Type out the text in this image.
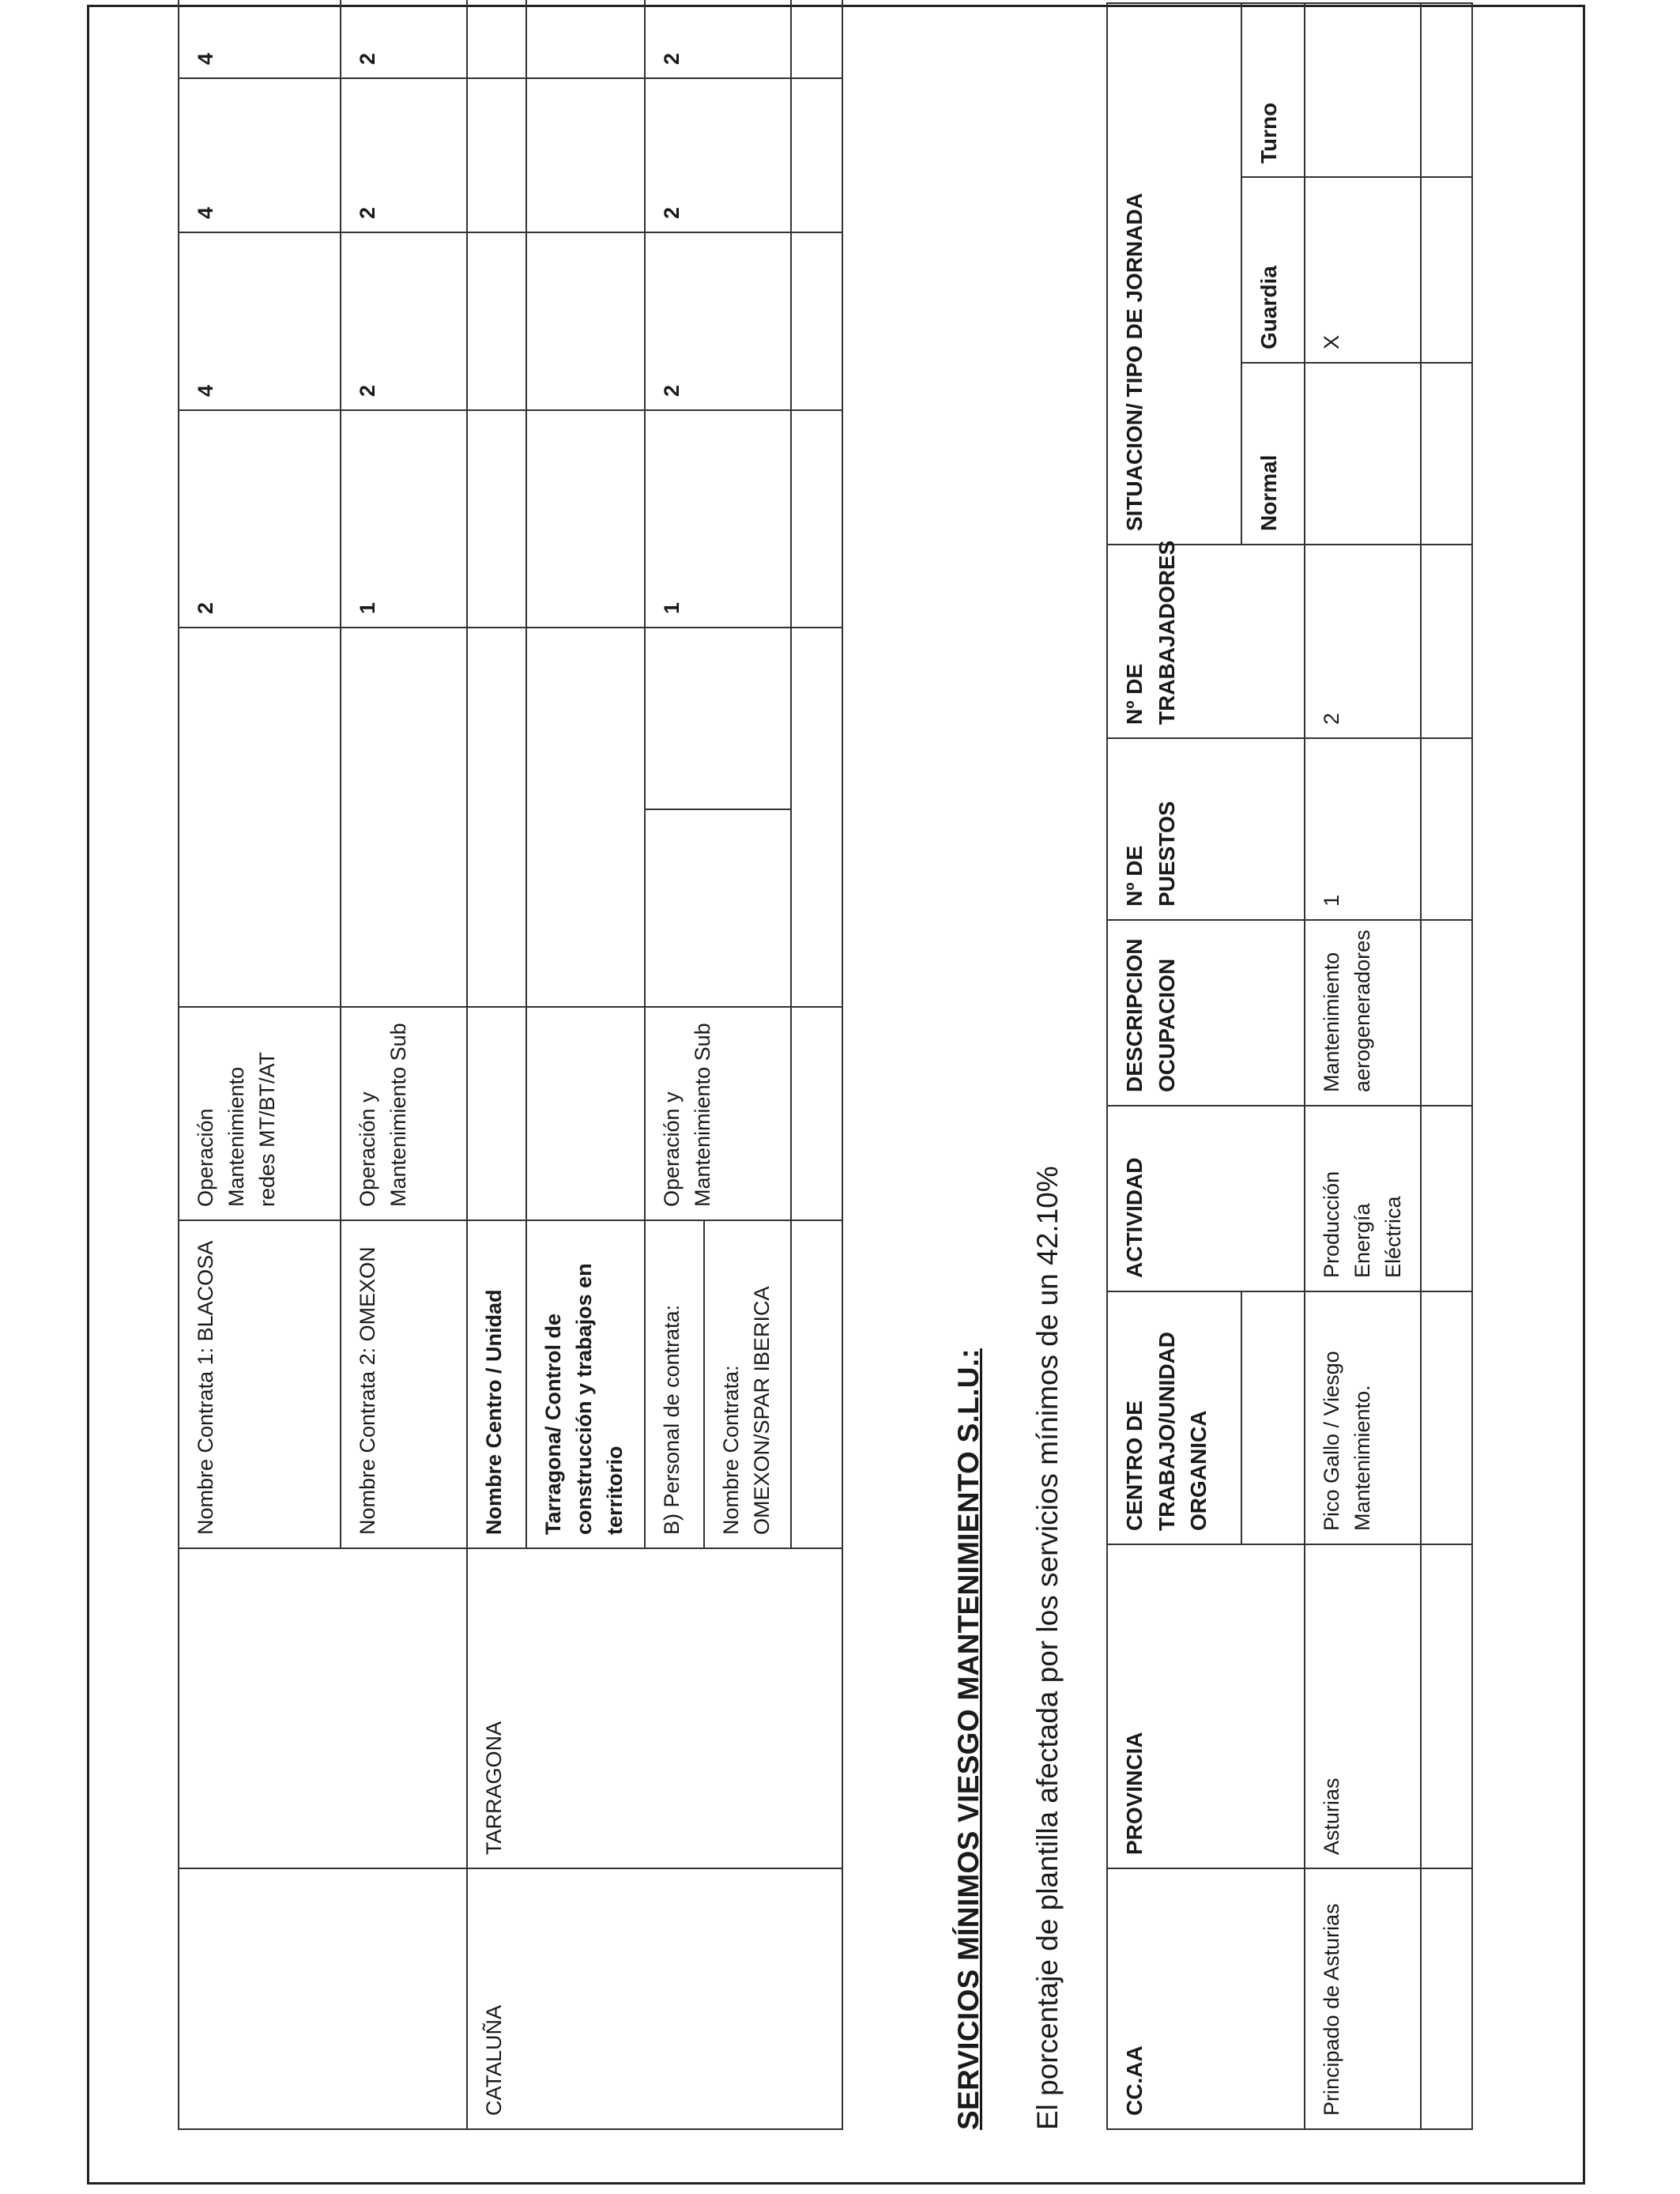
		Nombre Contrata 1: BLACOSA	Operación Mantenimiento redes MT/BT/AT			2	4	4	4
		Nombre Contrata 2: OMEXON	Operación y Mantenimiento Sub			1	2	2	2
CATALUÑA	TARRAGONA	Nombre Centro / Unidad							
		Tarragona/ Control de construcción y trabajos en territorio							
		B) Personal de contrata:	Operación y Mantenimiento Sub			1	2	2	2
		Nombre Contrata: OMEXON/SPAR IBERICA							
							SERVICIOS MÍNIMOS VIESGO MANTENIMIENTO S.L.U.: El porcentaje de plantilla afectada por los servicios mínimos de un 42.10%	CC.AA	PROVINCIA	CENTRO DE TRABAJO/UNIDAD ORGANICA	ACTIVIDAD	DESCRIPCION OCUPACION	Nº DE PUESTOS	Nº DE TRABAJADORES	SITUACION/ TIPO DE JORNADA		
							Normal	Guardia	Turno
Principado de Asturias	Asturias	Pico Gallo / Viesgo Mantenimiento.	Producción Energía Eléctrica	Mantenimiento aerogeneradores	1	2		X	
